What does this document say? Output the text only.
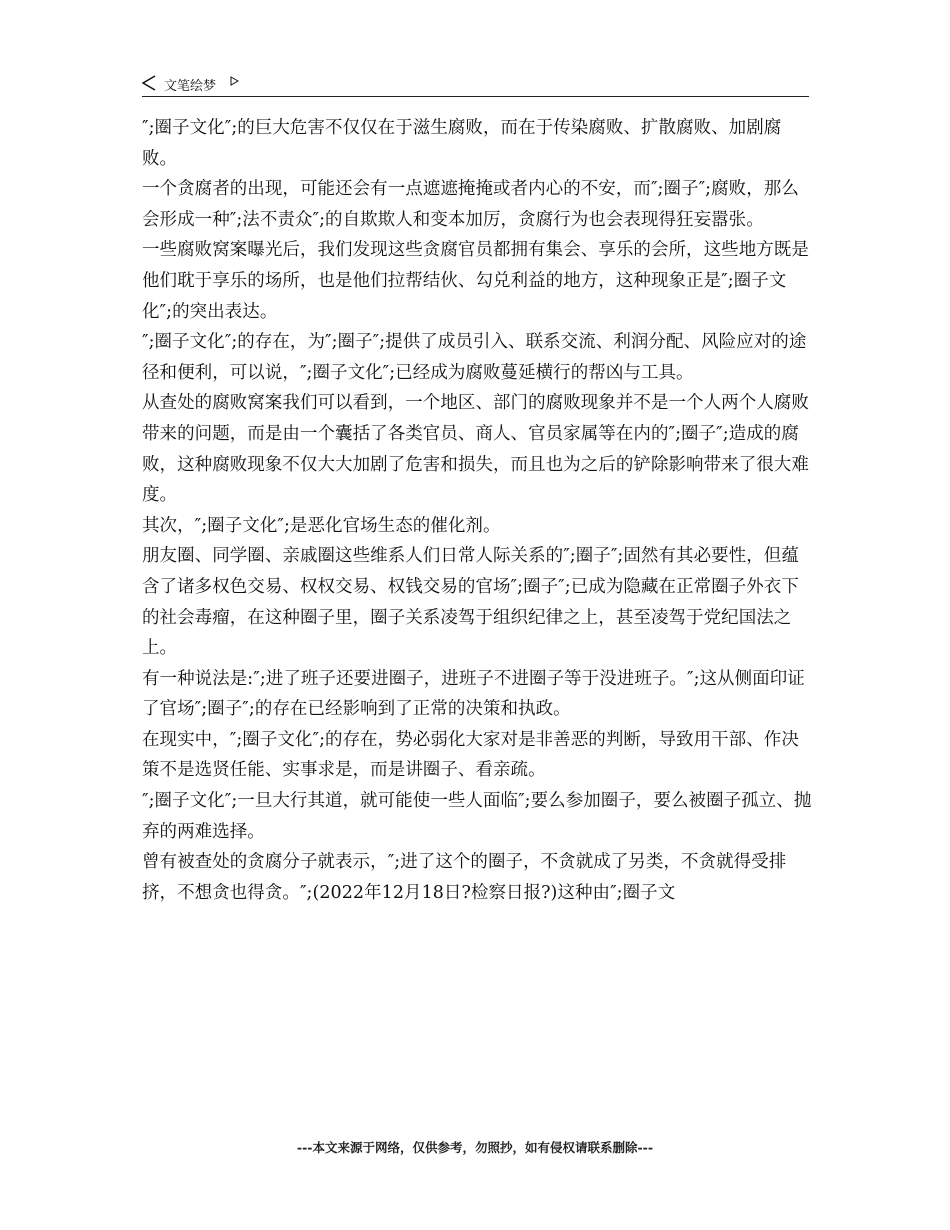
文笔绘梦

″;圈子文化″;的巨大危害不仅仅在于滋生腐败，而在于传染腐败、扩散腐败、加剧腐败。

一个贪腐者的出现，可能还会有一点遮遮掩掩或者内心的不安，而″;圈子″;腐败，那么会形成一种″;法不责众″;的自欺欺人和变本加厉，贪腐行为也会表现得狂妄嚣张。

一些腐败窝案曝光后，我们发现这些贪腐官员都拥有集会、享乐的会所，这些地方既是他们耽于享乐的场所，也是他们拉帮结伙、勾兑利益的地方，这种现象正是″;圈子文化″;的突出表达。

″;圈子文化″;的存在，为″;圈子″;提供了成员引入、联系交流、利润分配、风险应对的途径和便利，可以说，″;圈子文化″;已经成为腐败蔓延横行的帮凶与工具。

从查处的腐败窝案我们可以看到，一个地区、部门的腐败现象并不是一个人两个人腐败带来的问题，而是由一个囊括了各类官员、商人、官员家属等在内的″;圈子″;造成的腐败，这种腐败现象不仅大大加剧了危害和损失，而且也为之后的铲除影响带来了很大难度。

其次，″;圈子文化″;是恶化官场生态的催化剂。

朋友圈、同学圈、亲戚圈这些维系人们日常人际关系的″;圈子″;固然有其必要性，但蕴含了诸多权色交易、权权交易、权钱交易的官场″;圈子″;已成为隐藏在正常圈子外衣下的社会毒瘤，在这种圈子里，圈子关系凌驾于组织纪律之上，甚至凌驾于党纪国法之上。

有一种说法是:″;进了班子还要进圈子，进班子不进圈子等于没进班子。″;这从侧面印证了官场″;圈子″;的存在已经影响到了正常的决策和执政。

在现实中，″;圈子文化″;的存在，势必弱化大家对是非善恶的判断，导致用干部、作决策不是选贤任能、实事求是，而是讲圈子、看亲疏。

″;圈子文化″;一旦大行其道，就可能使一些人面临″;要么参加圈子，要么被圈子孤立、抛弃的两难选择。

曾有被查处的贪腐分子就表示，″;进了这个的圈子，不贪就成了另类，不贪就得受排挤，不想贪也得贪。″;(2022年12月18日?检察日报?)这种由″;圈子文

---本文来源于网络，仅供参考，勿照抄，如有侵权请联系删除---
